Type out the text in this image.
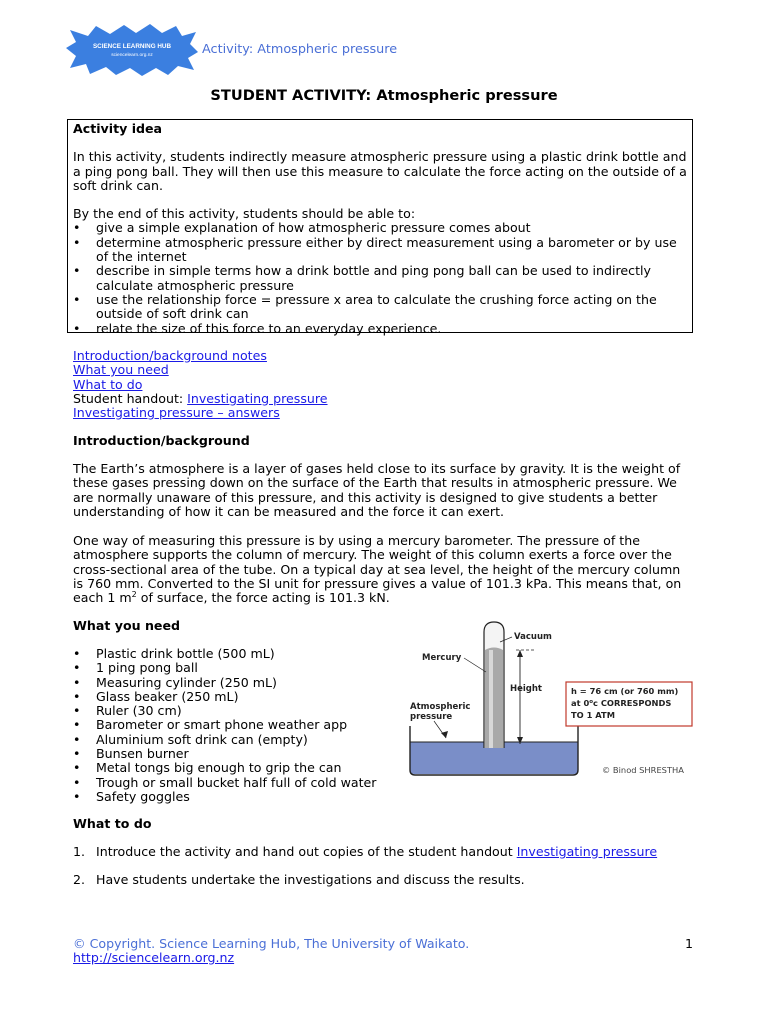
SCIENCE LEARNING HUB
sciencelearn.org.nz	Activity: Atmospheric pressure
STUDENT ACTIVITY: Atmospheric pressure

Activity idea

In this activity, students indirectly measure atmospheric pressure using a plastic drink bottle and a ping pong ball. They will then use this measure to calculate the force acting on the outside of a soft drink can.

By the end of this activity, students should be able to:

• give a simple explanation of how atmospheric pressure comes about
• determine atmospheric pressure either by direct measurement using a barometer or by use of the internet
• describe in simple terms how a drink bottle and ping pong ball can be used to indirectly calculate atmospheric pressure
• use the relationship force = pressure x area to calculate the crushing force acting on the outside of soft drink can
• relate the size of this force to an everyday experience.

Introduction/background notes

What you need

What to do

Student handout: Investigating pressure

Investigating pressure – answers

Introduction/background

The Earth’s atmosphere is a layer of gases held close to its surface by gravity. It is the weight of these gases pressing down on the surface of the Earth that results in atmospheric pressure. We are normally unaware of this pressure, and this activity is designed to give students a better understanding of how it can be measured and the force it can exert.

One way of measuring this pressure is by using a mercury barometer. The pressure of the atmosphere supports the column of mercury. The weight of this column exerts a force over the cross-sectional area of the tube. On a typical day at sea level, the height of the mercury column is 760 mm. Converted to the SI unit for pressure gives a value of 101.3 kPa. This means that, on each 1 $m^2$ of surface, the force acting is 101.3 kN.

What you need
• Plastic drink bottle (500 mL)
• 1 ping pong ball
• Measuring cylinder (250 mL)
• Glass beaker (250 mL)
• Ruler (30 cm)
• Barometer or smart phone weather app
• Aluminium soft drink can (empty)
• Bunsen burner
• Metal tongs big enough to grip the can
• Trough or small bucket half full of cold water
• Safety goggles
Vacuum
Mercury
Height
Atmospheric
pressure
h = 76 cm (or 760 mm)
at 0$^o$c CORRESPONDS
TO 1 ATM
© Binod SHRESTHA
What to do

1. Introduce the activity and hand out copies of the student handout Investigating pressure

2. Have students undertake the investigations and discuss the results.

© Copyright. Science Learning Hub, The University of Waikato.
http://sciencelearn.org.nz
1
